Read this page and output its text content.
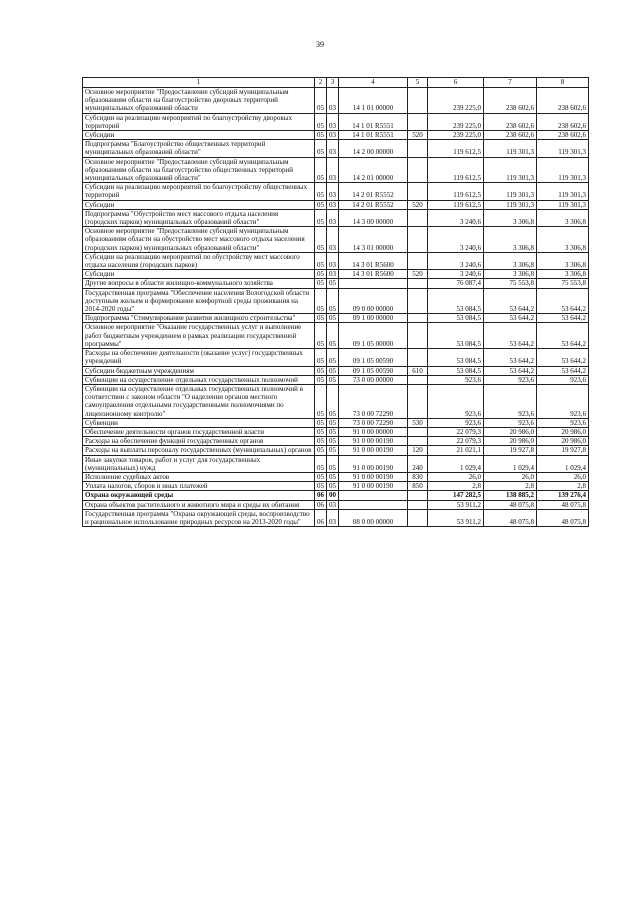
39
1	2	3	4	5	6	7	8
Основное мероприятие "Предоставление субсидий муниципальным образованиям области на благоустройство дворовых территорий муниципальных образований области	05	03	14 1 01 00000		239 225,0	238 602,6	238 602,6
Субсидии на реализацию мероприятий по благоустройству дворовых территорий	05	03	14 1 01 R5551		239 225,0	238 602,6	238 602,6
Субсидии	05	03	14 1 01 R5551	520	239 225,0	238 602,6	238 602,6
Подпрограмма "Благоустройство общественных территорий муниципальных образований области"	05	03	14 2 00 00000		119 612,5	119 301,3	119 301,3
Основное мероприятие "Предоставление субсидий муниципальным образованиям области на благоустройство общественных территорий муниципальных образований области"	05	03	14 2 01 00000		119 612,5	119 301,3	119 301,3
Субсидии на реализацию мероприятий по благоустройству общественных территорий	05	03	14 2 01 R5552		119 612,5	119 301,3	119 301,3
Субсидии	05	03	14 2 01 R5552	520	119 612,5	119 301,3	119 301,3
Подпрограмма "Обустройство мест массового отдыха населения (городских парков) муниципальных образований области"	05	03	14 3 00 00000		3 240,6	3 306,8	3 306,8
Основное мероприятие "Предоставление субсидий муниципальным образованиям области на обустройство мест массового отдыха населения (городских парков) муниципальных образований области"	05	03	14 3 01 00000		3 240,6	3 306,8	3 306,8
Субсидии на реализацию мероприятий по обустройству мест массового отдыха населения (городских парков)	05	03	14 3 01 R5600		3 240,6	3 306,8	3 306,8
Субсидии	05	03	14 3 01 R5600	520	3 240,6	3 306,8	3 306,8
Другие вопросы в области жилищно-коммунального хозяйства	05	05			76 087,4	75 553,8	75 553,8
Государственная программа "Обеспечение населения Вологодской области доступным жильем и формирование комфортной среды проживания на 2014-2020 годы"	05	05	09 0 00 00000		53 084,5	53 644,2	53 644,2
Подпрограмма "Стимулирование развития жилищного строительства"	05	05	09 1 00 00000		53 084,5	53 644,2	53 644,2
Основное мероприятие "Оказание государственных услуг и выполнение работ бюджетным учреждением в рамках реализации государственной программы"	05	05	09 1 05 00000		53 084,5	53 644,2	53 644,2
Расходы на обеспечение деятельности (оказание услуг) государственных учреждений	05	05	09 1 05 00590		53 084,5	53 644,2	53 644,2
Субсидии бюджетным учреждениям	05	05	09 1 05 00590	610	53 084,5	53 644,2	53 644,2
Субвенции на осуществление отдельных государственных полномочий	05	05	73 0 00 00000		923,6	923,6	923,6
Субвенции на осуществление отдельных государственных полномочий в соответствии с законом области "О наделении органов местного самоуправления отдельными государственными полномочиями по лицензионному контролю"	05	05	73 0 00 72290		923,6	923,6	923,6
Субвенции	05	05	73 0 00 72290	530	923,6	923,6	923,6
Обеспечение деятельности органов государственной власти	05	05	91 0 00 00000		22 079,3	20 986,0	20 986,0
Расходы на обеспечение функций государственных органов	05	05	91 0 00 00190		22 079,3	20 986,0	20 986,0
Расходы на выплаты персоналу государственных (муниципальных) органов	05	05	91 0 00 00190	120	21 021,1	19 927,8	19 927,8
Иные закупки товаров, работ и услуг для государственных (муниципальных) нужд	05	05	91 0 00 00190	240	1 029,4	1 029,4	1 029,4
Исполнение судебных актов	05	05	91 0 00 00190	830	26,0	26,0	26,0
Уплата налогов, сборов и иных платежей	05	05	91 0 00 00190	850	2,8	2,8	2,8
Охрана окружающей среды	06	00			147 282,5	138 885,2	139 276,4
Охрана объектов растительного и животного мира и среды их обитания	06	03			53 911,2	48 075,8	48 075,8
Государственная программа "Охрана окружающей среды, воспроизводство и рациональное использование природных ресурсов на 2013-2020 годы"	06	03	08 0 00 00000		53 911,2	48 075,8	48 075,8
